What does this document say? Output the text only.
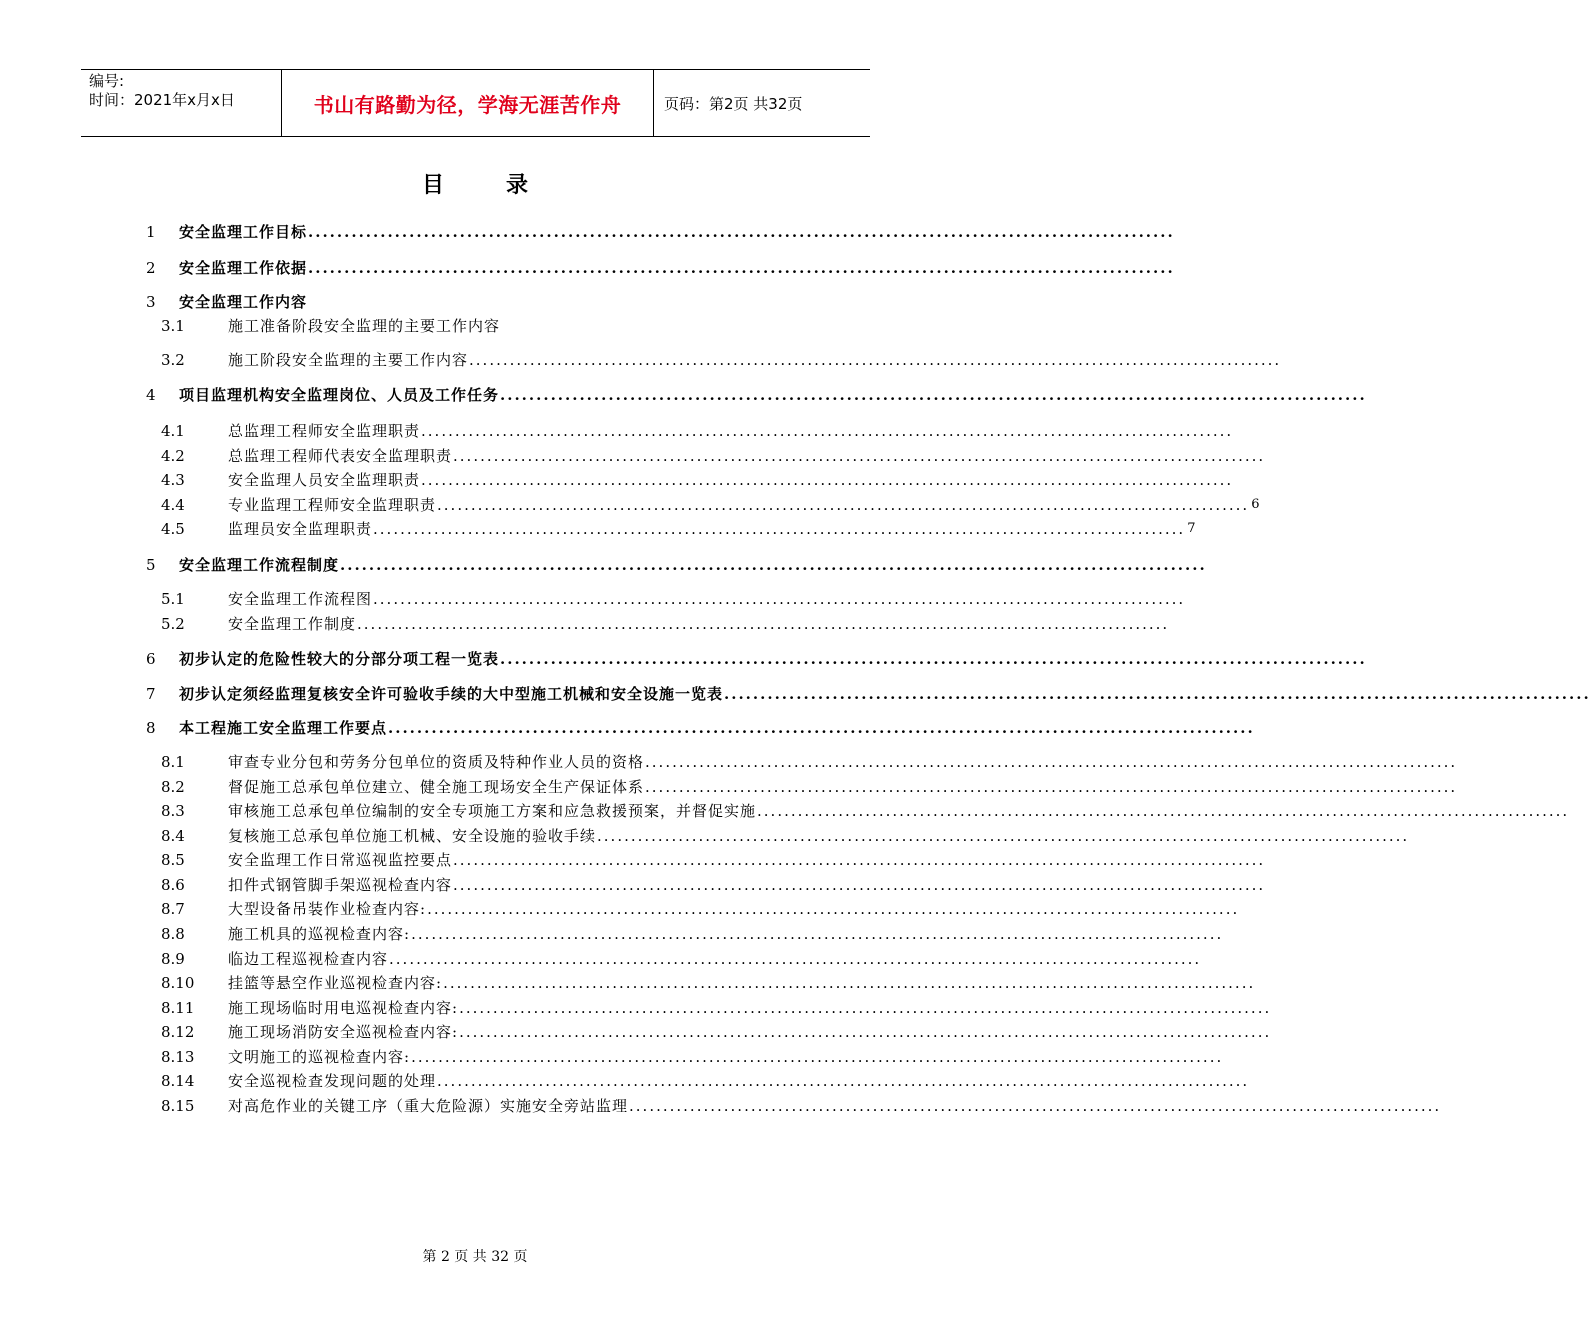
编号:
时间：2021年x月x日	书山有路勤为径，学海无涯苦作舟	页码：第2页 共32页
目	录
1 安全监理工作目标 ........................................................................................................................
2 安全监理工作依据 ........................................................................................................................
3 安全监理工作内容
3.1	施工准备阶段安全监理的主要工作内容
3.2	施工阶段安全监理的主要工作内容 ........................................................................................................................
4 项目监理机构安全监理岗位、人员及工作任务 ........................................................................................................................
4.1	总监理工程师安全监理职责 ........................................................................................................................
4.2	总监理工程师代表安全监理职责 ........................................................................................................................
4.3	安全监理人员安全监理职责 ........................................................................................................................
4.4	专业监理工程师安全监理职责 ........................................................................................................................ 6
4.5	监理员安全监理职责 ........................................................................................................................ 7
5 安全监理工作流程制度 ........................................................................................................................
5.1	安全监理工作流程图 ........................................................................................................................
5.2	安全监理工作制度 ........................................................................................................................
6 初步认定的危险性较大的分部分项工程一览表 ........................................................................................................................
7 初步认定须经监理复核安全许可验收手续的大中型施工机械和安全设施一览表 ........................................................................................................................
8 本工程施工安全监理工作要点 ........................................................................................................................
8.1	审查专业分包和劳务分包单位的资质及特种作业人员的资格 ........................................................................................................................
8.2	督促施工总承包单位建立、健全施工现场安全生产保证体系 ........................................................................................................................
8.3	审核施工总承包单位编制的安全专项施工方案和应急救援预案，并督促实施 ........................................................................................................................
8.4	复核施工总承包单位施工机械、安全设施的验收手续 ........................................................................................................................
8.5	安全监理工作日常巡视监控要点 ........................................................................................................................
8.6	扣件式钢管脚手架巡视检查内容 ........................................................................................................................
8.7	大型设备吊装作业检查内容: ........................................................................................................................
8.8	施工机具的巡视检查内容: ........................................................................................................................
8.9	临边工程巡视检查内容 ........................................................................................................................
8.10 挂篮等悬空作业巡视检查内容: ........................................................................................................................
8.11 施工现场临时用电巡视检查内容: ........................................................................................................................
8.12 施工现场消防安全巡视检查内容: ........................................................................................................................
8.13 文明施工的巡视检查内容: ........................................................................................................................
8.14 安全巡视检查发现问题的处理 ........................................................................................................................
8.15 对高危作业的关键工序（重大危险源）实施安全旁站监理 ........................................................................................................................
第 2 页 共 32 页
